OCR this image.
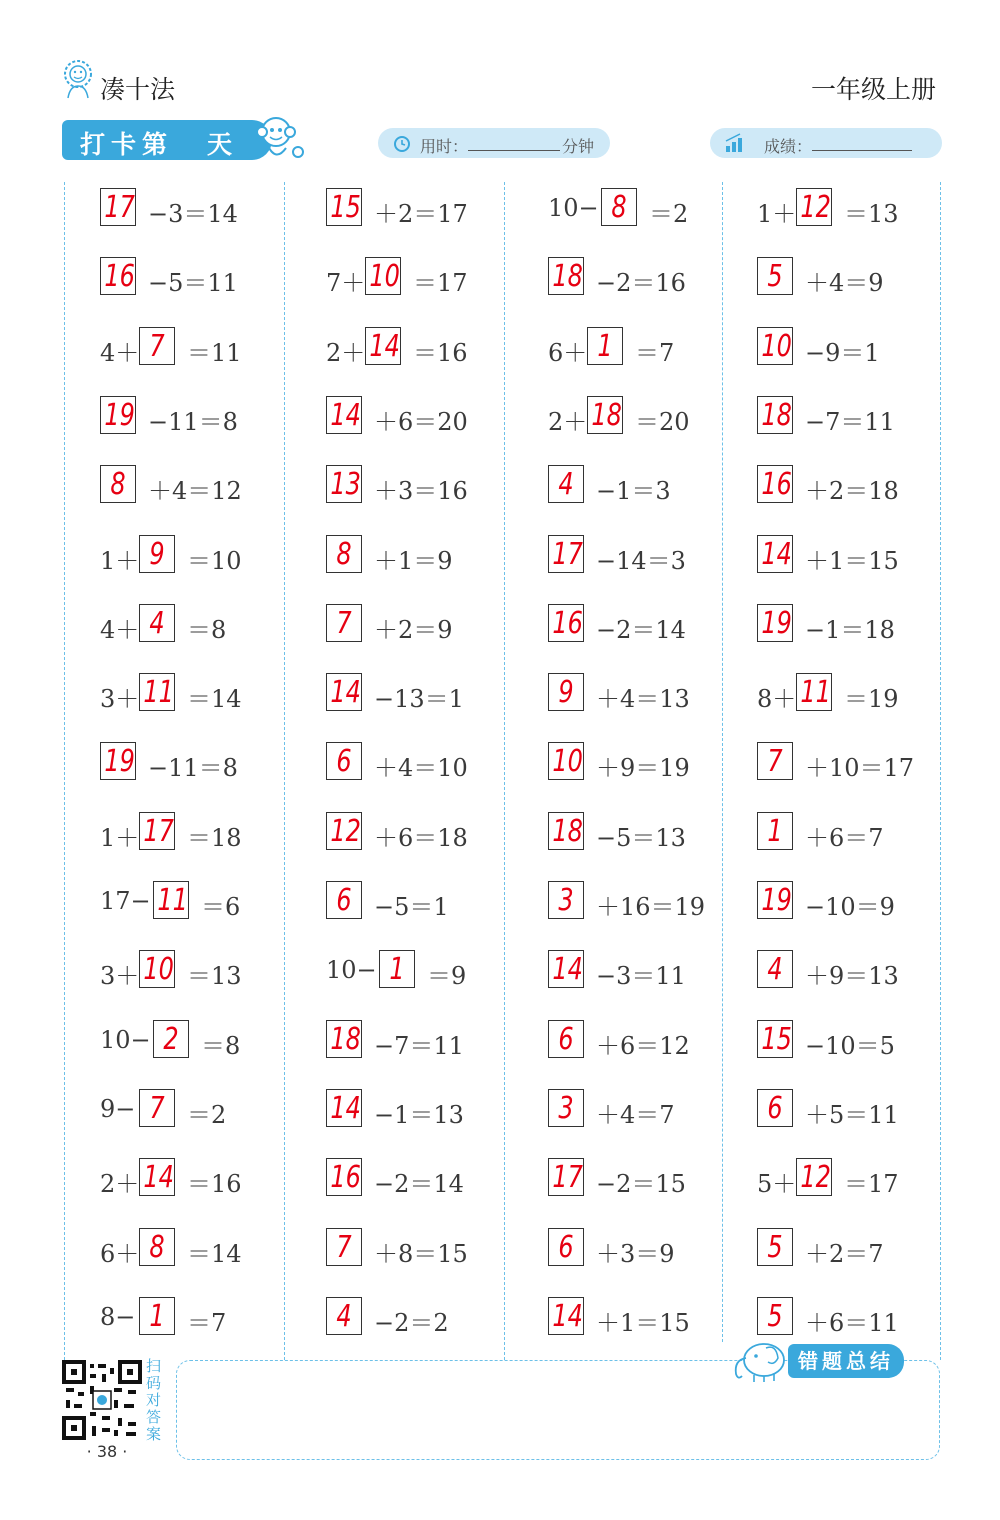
凑十法	一年级上册
打卡第 天	用时：	分钟	成绩：
17 −3＝14
16 −5＝11
4＋ 7 ＝11
19 −11＝8
8 ＋4＝12
1＋ 9 ＝10
4＋ 4 ＝8
3＋ 11 ＝14
19 −11＝8
1＋ 17 ＝18
17− 11 ＝6
3＋ 10 ＝13
10− 2 ＝8
9− 7 ＝2
2＋ 14 ＝16
6＋ 8 ＝14
8− 1 ＝7
15 ＋2＝17
7＋ 10 ＝17
2＋ 14 ＝16
14 ＋6＝20
13 ＋3＝16
8 ＋1＝9
7 ＋2＝9
14 −13＝1
6 ＋4＝10
12 ＋6＝18
6 −5＝1
10− 1 ＝9
18 −7＝11
14 −1＝13
16 −2＝14
7 ＋8＝15
4 −2＝2
10− 8 ＝2
18 −2＝16
6＋ 1 ＝7
2＋ 18 ＝20
4 −1＝3
17 −14＝3
16 −2＝14
9 ＋4＝13
10 ＋9＝19
18 −5＝13
3 ＋16＝19
14 −3＝11
6 ＋6＝12
3 ＋4＝7
17 −2＝15
6 ＋3＝9
14 ＋1＝15
1＋ 12 ＝13
5 ＋4＝9
10 −9＝1
18 −7＝11
16 ＋2＝18
14 ＋1＝15
19 −1＝18
8＋ 11 ＝19
7 ＋10＝17
1 ＋6＝7
19 −10＝9
4 ＋9＝13
15 −10＝5
6 ＋5＝11
5＋ 12 ＝17
5 ＋2＝7
5 ＋6＝11
扫码对答案
· 38 ·
错题总结
